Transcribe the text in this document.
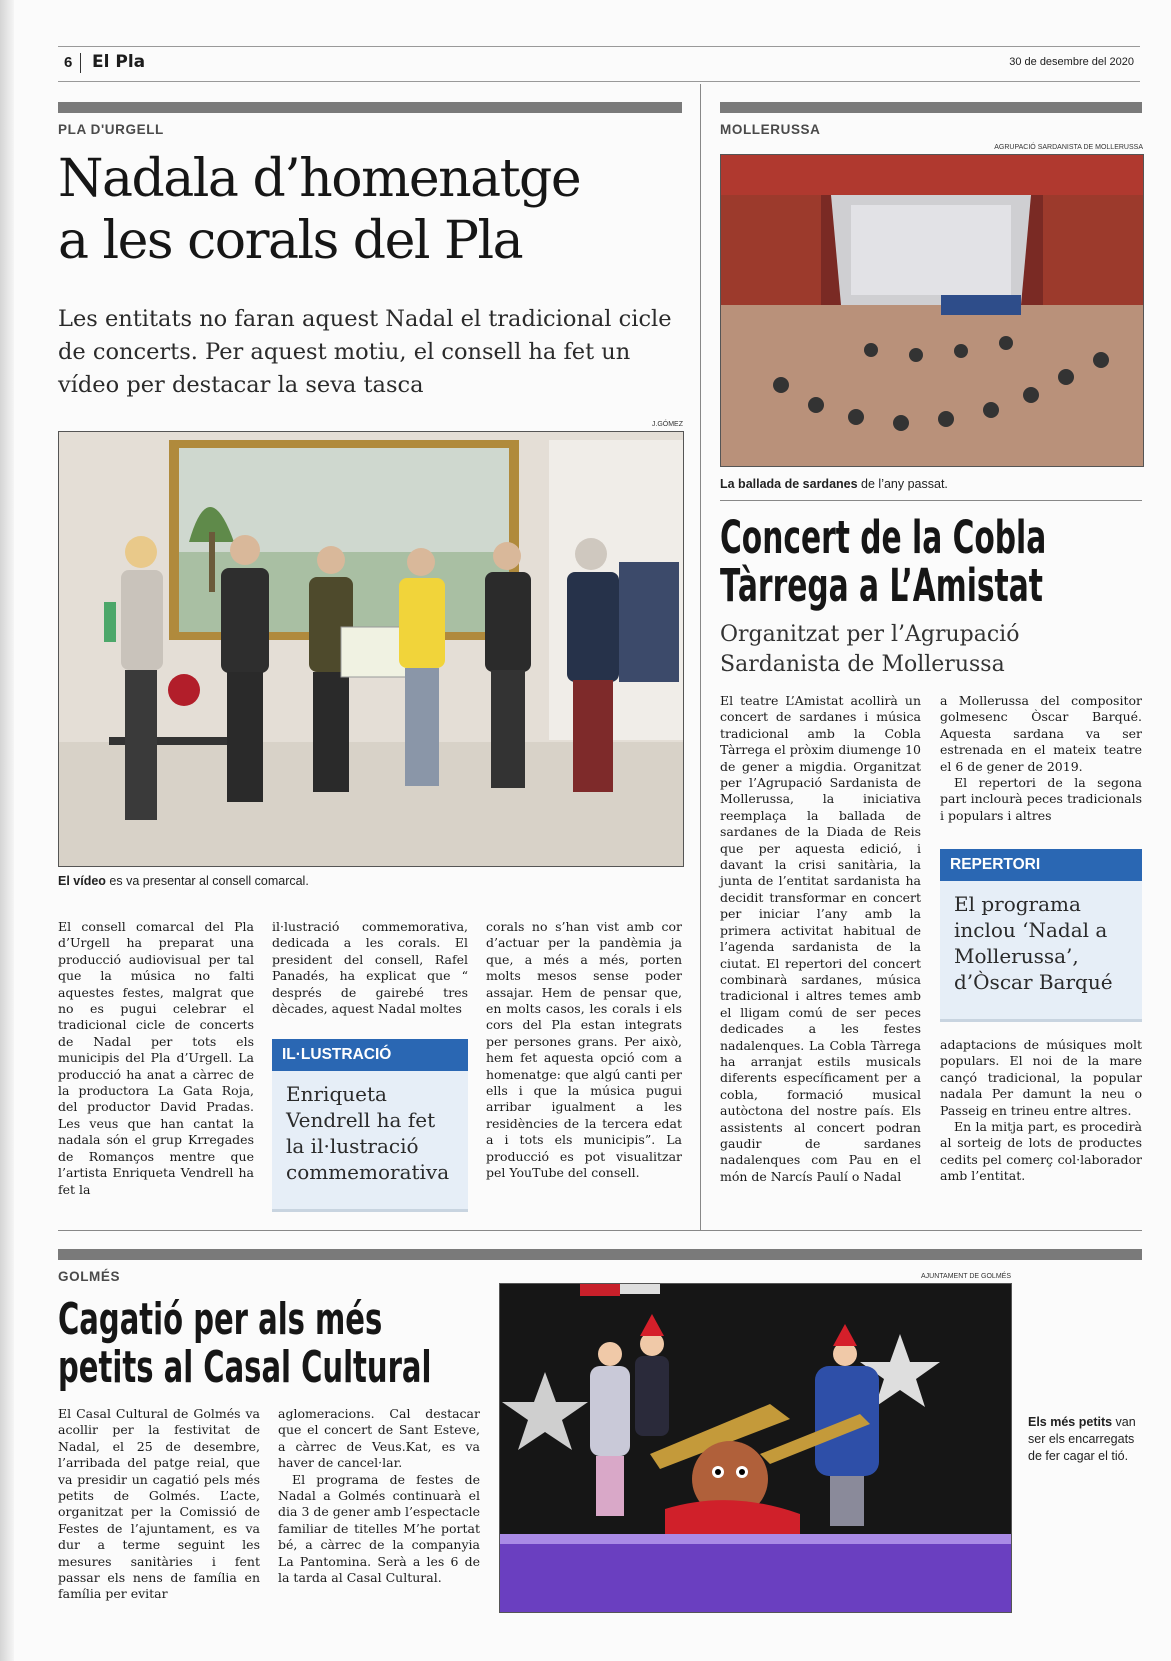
6 El Pla	30 de desembre del 2020
PLA D'URGELL
Nadala d’homenatge
a les corals del Pla
Les entitats no faran aquest Nadal el tradicional cicle de concerts. Per aquest motiu, el consell ha fet un vídeo per destacar la seva tasca
J.GÓMEZ
El vídeo es va presentar al consell comarcal.

El consell comarcal del Pla d’Urgell ha preparat una producció audiovisual per tal que la música no falti aquestes festes, malgrat que no es pugui celebrar el tradicional cicle de concerts de Nadal per tots els municipis del Pla d’Urgell. La producció ha anat a càrrec de la productora La Gata Roja, del productor David Pradas. Les veus que han cantat la nadala són el grup Krregades de Romanços mentre que l’artista Enriqueta Vendrell ha fet la

il·lustració commemorativa, dedicada a les corals. El president del consell, Rafel Panadés, ha explicat que “ després de gairebé tres dècades, aquest Nadal moltes

IL·LUSTRACIÓ
Enriqueta Vendrell ha fet la il·lustració commemorativa

corals no s’han vist amb cor d’actuar per la pandèmia ja que, a més a més, porten molts mesos sense poder assajar. Hem de pensar que, en molts casos, les corals i els cors del Pla estan integrats per persones grans. Per això, hem fet aquesta opció com a homenatge: que algú canti per ells i que la música pugui arribar igualment a les residències de la tercera edat a i tots els municipis”. La producció es pot visualitzar pel YouTube del consell.

MOLLERUSSA
AGRUPACIÓ SARDANISTA DE MOLLERUSSA
La ballada de sardanes de l’any passat.
Concert de la Cobla
Tàrrega a L’Amistat
Organitzat per l’Agrupació Sardanista de Mollerussa

El teatre L’Amistat acollirà un concert de sardanes i música tradicional amb la Cobla Tàrrega el pròxim diumenge 10 de gener a migdia. Organitzat per l’Agrupació Sardanista de Mollerussa, la iniciativa reemplaça la ballada de sardanes de la Diada de Reis que per aquesta edició, i davant la crisi sanitària, la junta de l’entitat sardanista ha decidit transformar en concert per iniciar l’any amb la primera activitat habitual de l’agenda sardanista de la ciutat. El repertori del concert combinarà sardanes, música tradicional i altres temes amb el lligam comú de ser peces dedicades a les festes nadalenques. La Cobla Tàrrega ha arranjat estils musicals diferents específicament per a cobla, formació musical autòctona del nostre país. Els assistents al concert podran gaudir de sardanes nadalenques com Pau en el món de Narcís Paulí o Nadal

a Mollerussa del compositor golmesenc Òscar Barqué. Aquesta sardana va ser estrenada en el mateix teatre el 6 de gener de 2019.

El repertori de la segona part inclourà peces tradicionals i populars i altres

REPERTORI
El programa inclou ‘Nadal a Mollerussa’, d’Òscar Barqué

adaptacions de músiques molt populars. El noi de la mare cançó tradicional, la popular nadala Per damunt la neu o Passeig en trineu entre altres.

En la mitja part, es procedirà al sorteig de lots de productes cedits pel comerç col·laborador amb l’entitat.

GOLMÉS
Cagatió per als més
petits al Casal Cultural

El Casal Cultural de Golmés va acollir per la festivitat de Nadal, el 25 de desembre, l’arribada del patge reial, que va presidir un cagatió pels més petits de Golmés. L’acte, organitzat per la Comissió de Festes de l’ajuntament, es va dur a terme seguint les mesures sanitàries i fent passar els nens de família en família per evitar

aglomeracions. Cal destacar que el concert de Sant Esteve, a càrrec de Veus.Kat, es va haver de cancel·lar.

El programa de festes de Nadal a Golmés continuarà el dia 3 de gener amb l’espectacle familiar de titelles M’he portat bé, a càrrec de la companyia La Pantomina. Serà a les 6 de la tarda al Casal Cultural.

AJUNTAMENT DE GOLMÉS
Els més petits van ser els encarregats de fer cagar el tió.
